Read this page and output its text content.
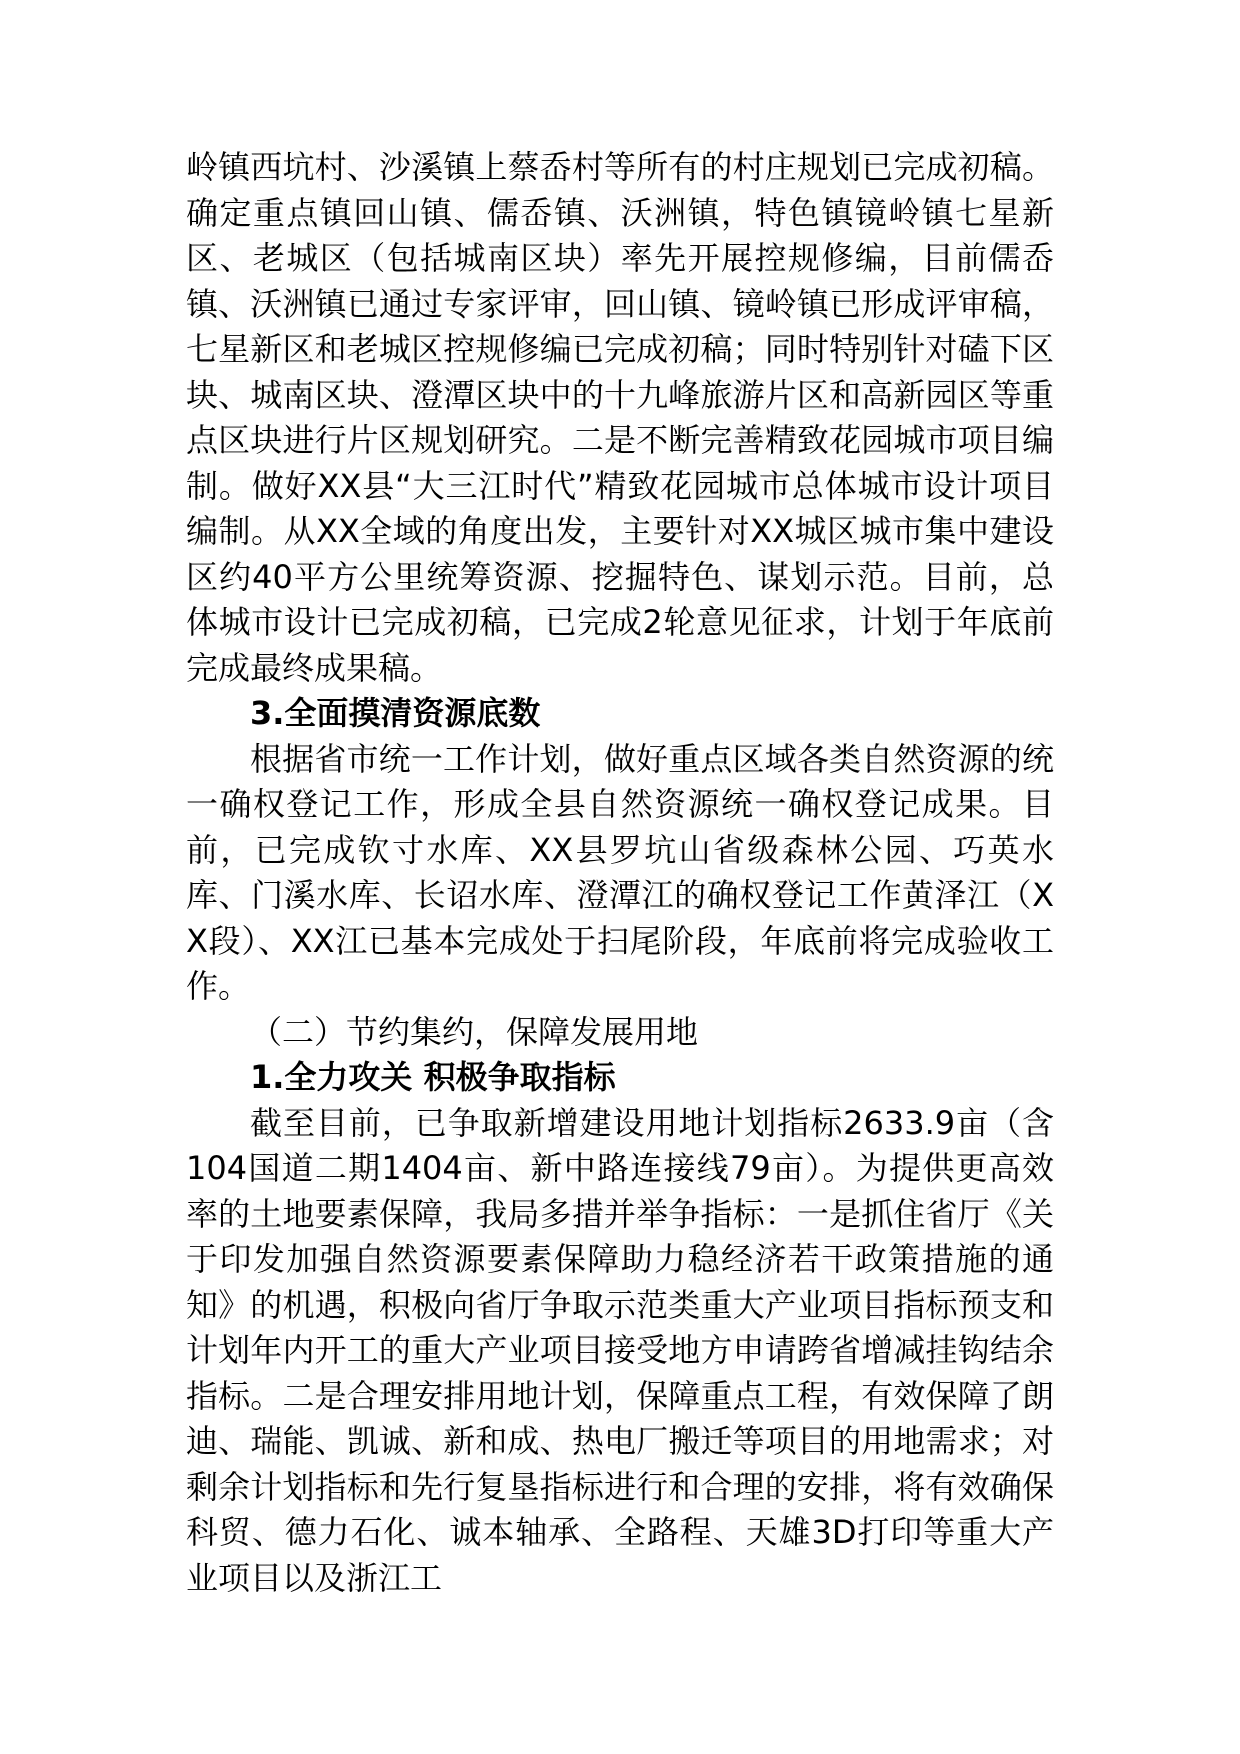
岭镇西坑村、沙溪镇上蔡岙村等所有的村庄规划已完成初稿。确定重点镇回山镇、儒岙镇、沃洲镇，特色镇镜岭镇七星新区、老城区（包括城南区块）率先开展控规修编，目前儒岙镇、沃洲镇已通过专家评审，回山镇、镜岭镇已形成评审稿，七星新区和老城区控规修编已完成初稿；同时特别针对磕下区块、城南区块、澄潭区块中的十九峰旅游片区和高新园区等重点区块进行片区规划研究。二是不断完善精致花园城市项目编制。做好XX县“大三江时代”精致花园城市总体城市设计项目编制。从XX全域的角度出发，主要针对XX城区城市集中建设区约40平方公里统筹资源、挖掘特色、谋划示范。目前，总体城市设计已完成初稿，已完成2轮意见征求，计划于年底前完成最终成果稿。

3.全面摸清资源底数

根据省市统一工作计划，做好重点区域各类自然资源的统一确权登记工作，形成全县自然资源统一确权登记成果。目前，已完成钦寸水库、XX县罗坑山省级森林公园、巧英水库、门溪水库、长诏水库、澄潭江的确权登记工作黄泽江（XX段）、XX江已基本完成处于扫尾阶段，年底前将完成验收工作。

（二）节约集约，保障发展用地

1.全力攻关 积极争取指标

截至目前，已争取新增建设用地计划指标2633.9亩（含104国道二期1404亩、新中路连接线79亩）。为提供更高效率的土地要素保障，我局多措并举争指标：一是抓住省厅《关于印发加强自然资源要素保障助力稳经济若干政策措施的通知》的机遇，积极向省厅争取示范类重大产业项目指标预支和计划年内开工的重大产业项目接受地方申请跨省增减挂钩结余指标。二是合理安排用地计划，保障重点工程，有效保障了朗迪、瑞能、凯诚、新和成、热电厂搬迁等项目的用地需求；对剩余计划指标和先行复垦指标进行和合理的安排，将有效确保科贸、德力石化、诚本轴承、全路程、天雄3D打印等重大产业项目以及浙江工
